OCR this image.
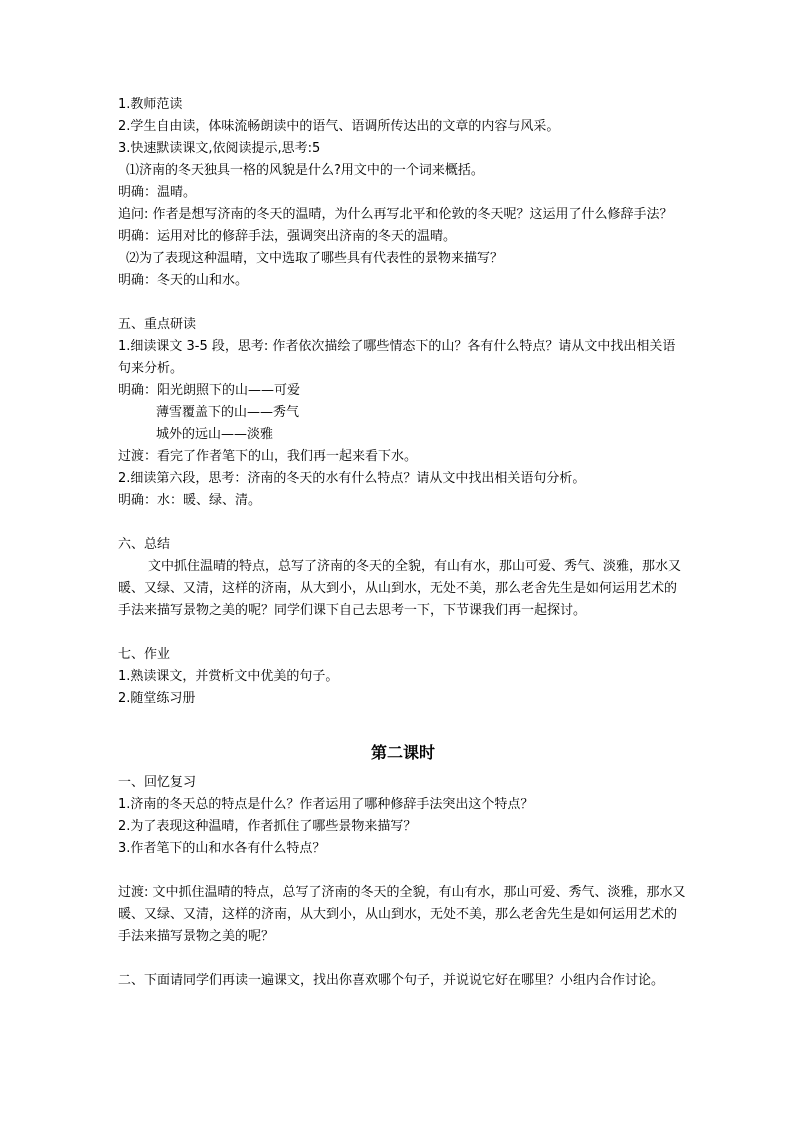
1.教师范读
2.学生自由读，体味流畅朗读中的语气、语调所传达出的文章的内容与风采。
3.快速默读课文,依阅读提示,思考:5
⑴济南的冬天独具一格的风貌是什么?用文中的一个词来概括。
明确：温晴。
追问: 作者是想写济南的冬天的温晴，为什么再写北平和伦敦的冬天呢？这运用了什么修辞手法？
明确：运用对比的修辞手法，强调突出济南的冬天的温晴。
⑵为了表现这种温晴，文中选取了哪些具有代表性的景物来描写？
明确：冬天的山和水。
五、重点研读
1.细读课文 3-5 段，思考: 作者依次描绘了哪些情态下的山？各有什么特点？请从文中找出相关语句来分析。
明确：阳光朗照下的山——可爱
薄雪覆盖下的山——秀气
城外的远山——淡雅
过渡：看完了作者笔下的山，我们再一起来看下水。
2.细读第六段，思考：济南的冬天的水有什么特点？请从文中找出相关语句分析。
明确：水：暖、绿、清。
六、总结
文中抓住温晴的特点，总写了济南的冬天的全貌，有山有水，那山可爱、秀气、淡雅，那水又暖、又绿、又清，这样的济南，从大到小，从山到水，无处不美，那么老舍先生是如何运用艺术的手法来描写景物之美的呢？同学们课下自己去思考一下，下节课我们再一起探讨。
七、作业
1.熟读课文，并赏析文中优美的句子。
2.随堂练习册
第二课时
一、回忆复习
1.济南的冬天总的特点是什么？作者运用了哪种修辞手法突出这个特点？
2.为了表现这种温晴，作者抓住了哪些景物来描写？
3.作者笔下的山和水各有什么特点？
过渡: 文中抓住温晴的特点，总写了济南的冬天的全貌，有山有水，那山可爱、秀气、淡雅，那水又暖、又绿、又清，这样的济南，从大到小，从山到水，无处不美，那么老舍先生是如何运用艺术的手法来描写景物之美的呢？
二、下面请同学们再读一遍课文，找出你喜欢哪个句子，并说说它好在哪里？小组内合作讨论。
